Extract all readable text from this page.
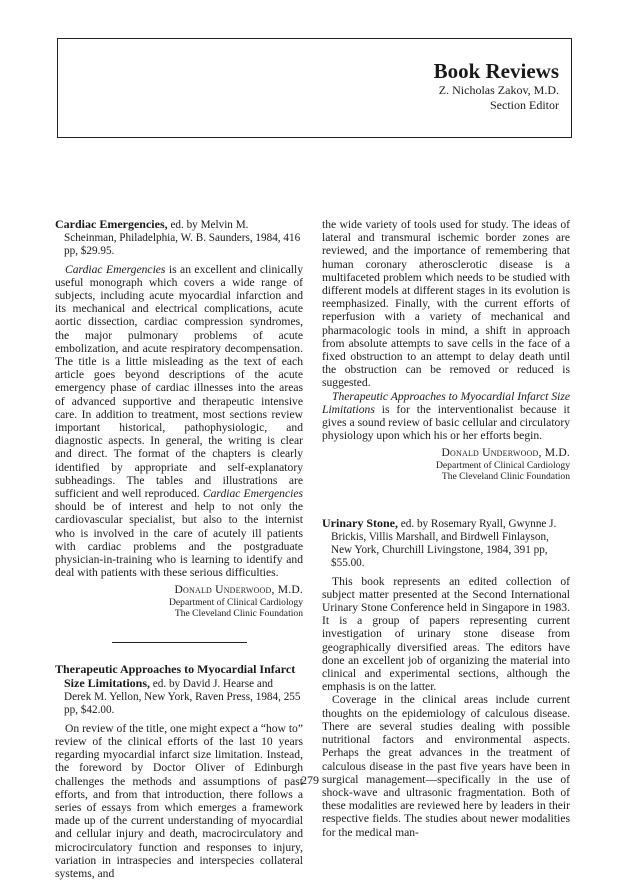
Book Reviews
Z. Nicholas Zakov, M.D.
Section Editor

Cardiac Emergencies, ed. by Melvin M. Scheinman, Philadelphia, W. B. Saunders, 1984, 416 pp, $29.95.

Cardiac Emergencies is an excellent and clinically useful monograph which covers a wide range of subjects, including acute myocardial infarction and its mechanical and electrical complications, acute aortic dissection, cardiac compression syndromes, the major pulmonary problems of acute embolization, and acute respiratory decompensation. The title is a little misleading as the text of each article goes beyond descriptions of the acute emergency phase of cardiac illnesses into the areas of advanced supportive and therapeutic intensive care. In addition to treatment, most sections review important historical, pathophysiologic, and diagnostic aspects. In general, the writing is clear and direct. The format of the chapters is clearly identified by appropriate and self-explanatory subheadings. The tables and illustrations are sufficient and well reproduced. Cardiac Emergencies should be of interest and help to not only the cardiovascular specialist, but also to the internist who is involved in the care of acutely ill patients with cardiac problems and the postgraduate physician-in-training who is learning to identify and deal with patients with these serious difficulties.

Donald Underwood, M.D.
Department of Clinical Cardiology
The Cleveland Clinic Foundation

Therapeutic Approaches to Myocardial Infarct Size Limitations, ed. by David J. Hearse and Derek M. Yellon, New York, Raven Press, 1984, 255 pp, $42.00.

On review of the title, one might expect a “how to” review of the clinical efforts of the last 10 years regarding myocardial infarct size limitation. Instead, the foreword by Doctor Oliver of Edinburgh challenges the methods and assumptions of past efforts, and from that introduction, there follows a series of essays from which emerges a framework made up of the current understanding of myocardial and cellular injury and death, macrocirculatory and microcirculatory function and responses to injury, variation in intraspecies and interspecies collateral systems, and

the wide variety of tools used for study. The ideas of lateral and transmural ischemic border zones are reviewed, and the importance of remembering that human coronary atherosclerotic disease is a multifaceted problem which needs to be studied with different models at different stages in its evolution is reemphasized. Finally, with the current efforts of reperfusion with a variety of mechanical and pharmacologic tools in mind, a shift in approach from absolute attempts to save cells in the face of a fixed obstruction to an attempt to delay death until the obstruction can be removed or reduced is suggested.

Therapeutic Approaches to Myocardial Infarct Size Limitations is for the interventionalist because it gives a sound review of basic cellular and circulatory physiology upon which his or her efforts begin.

Donald Underwood, M.D.
Department of Clinical Cardiology
The Cleveland Clinic Foundation

Urinary Stone, ed. by Rosemary Ryall, Gwynne J. Brickis, Villis Marshall, and Birdwell Finlayson, New York, Churchill Livingstone, 1984, 391 pp, $55.00.

This book represents an edited collection of subject matter presented at the Second International Urinary Stone Conference held in Singapore in 1983. It is a group of papers representing current investigation of urinary stone disease from geographically diversified areas. The editors have done an excellent job of organizing the material into clinical and experimental sections, although the emphasis is on the latter.

Coverage in the clinical areas include current thoughts on the epidemiology of calculous disease. There are several studies dealing with possible nutritional factors and environmental aspects. Perhaps the great advances in the treatment of calculous disease in the past five years have been in surgical management—specifically in the use of shock-wave and ultrasonic fragmentation. Both of these modalities are reviewed here by leaders in their respective fields. The studies about newer modalities for the medical man-

279
